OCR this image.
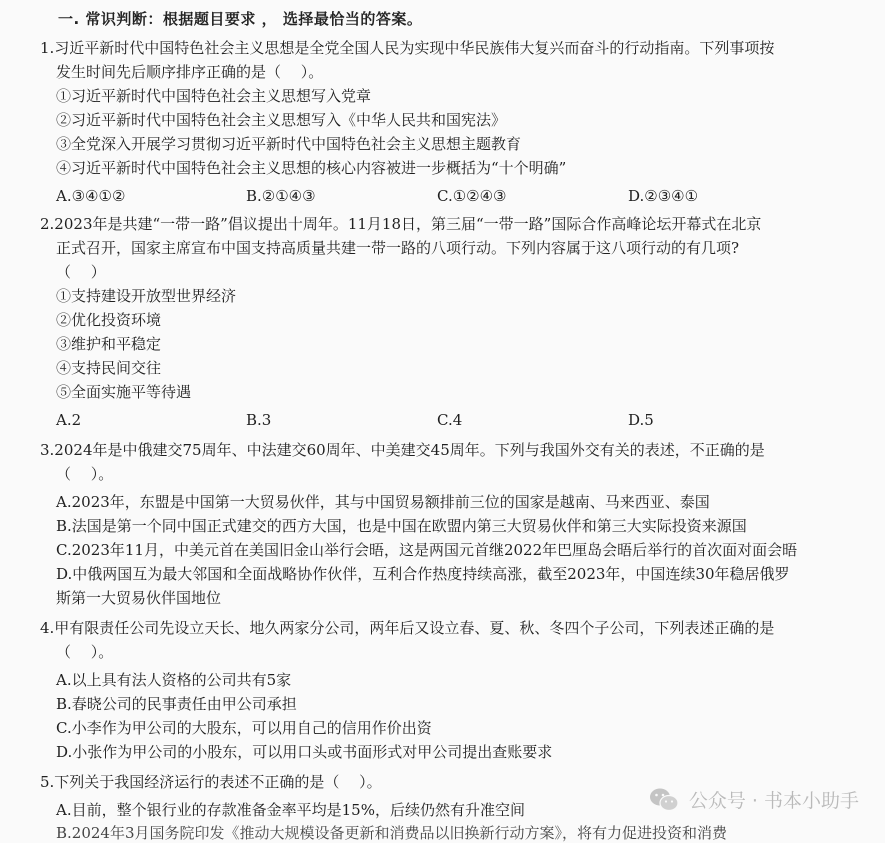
一. 常识判断：根据题目要求 ， 选择最恰当的答案。
1.习近平新时代中国特色社会主义思想是全党全国人民为实现中华民族伟大复兴而奋斗的行动指南。下列事项按
发生时间先后顺序排序正确的是（　 ）。
①习近平新时代中国特色社会主义思想写入党章
②习近平新时代中国特色社会主义思想写入《中华人民共和国宪法》
③全党深入开展学习贯彻习近平新时代中国特色社会主义思想主题教育
④习近平新时代中国特色社会主义思想的核心内容被进一步概括为“十个明确”
A.③④①②	B.②①④③	C.①②④③	D.②③④①
2.2023年是共建“一带一路”倡议提出十周年。11月18日，第三届“一带一路”国际合作高峰论坛开幕式在北京
正式召开，国家主席宣布中国支持高质量共建一带一路的八项行动。下列内容属于这八项行动的有几项?
（　 ）
①支持建设开放型世界经济
②优化投资环境
③维护和平稳定
④支持民间交往
⑤全面实施平等待遇
A.2	B.3	C.4	D.5
3.2024年是中俄建交75周年、中法建交60周年、中美建交45周年。下列与我国外交有关的表述，不正确的是
（　 ）。
A.2023年，东盟是中国第一大贸易伙伴，其与中国贸易额排前三位的国家是越南、马来西亚、泰国
B.法国是第一个同中国正式建交的西方大国，也是中国在欧盟内第三大贸易伙伴和第三大实际投资来源国
C.2023年11月，中美元首在美国旧金山举行会晤，这是两国元首继2022年巴厘岛会晤后举行的首次面对面会晤
D.中俄两国互为最大邻国和全面战略协作伙伴，互利合作热度持续高涨，截至2023年，中国连续30年稳居俄罗
斯第一大贸易伙伴国地位
4.甲有限责任公司先设立天长、地久两家分公司，两年后又设立春、夏、秋、冬四个子公司，下列表述正确的是
（　 ）。
A.以上具有法人资格的公司共有5家
B.春晓公司的民事责任由甲公司承担
C.小李作为甲公司的大股东，可以用自己的信用作价出资
D.小张作为甲公司的小股东，可以用口头或书面形式对甲公司提出查账要求
5.下列关于我国经济运行的表述不正确的是（　 ）。
A.目前，整个银行业的存款准备金率平均是15%，后续仍然有升准空间
B.2024年3月国务院印发《推动大规模设备更新和消费品以旧换新行动方案》，将有力促进投资和消费
公众号 · 书本小助手
